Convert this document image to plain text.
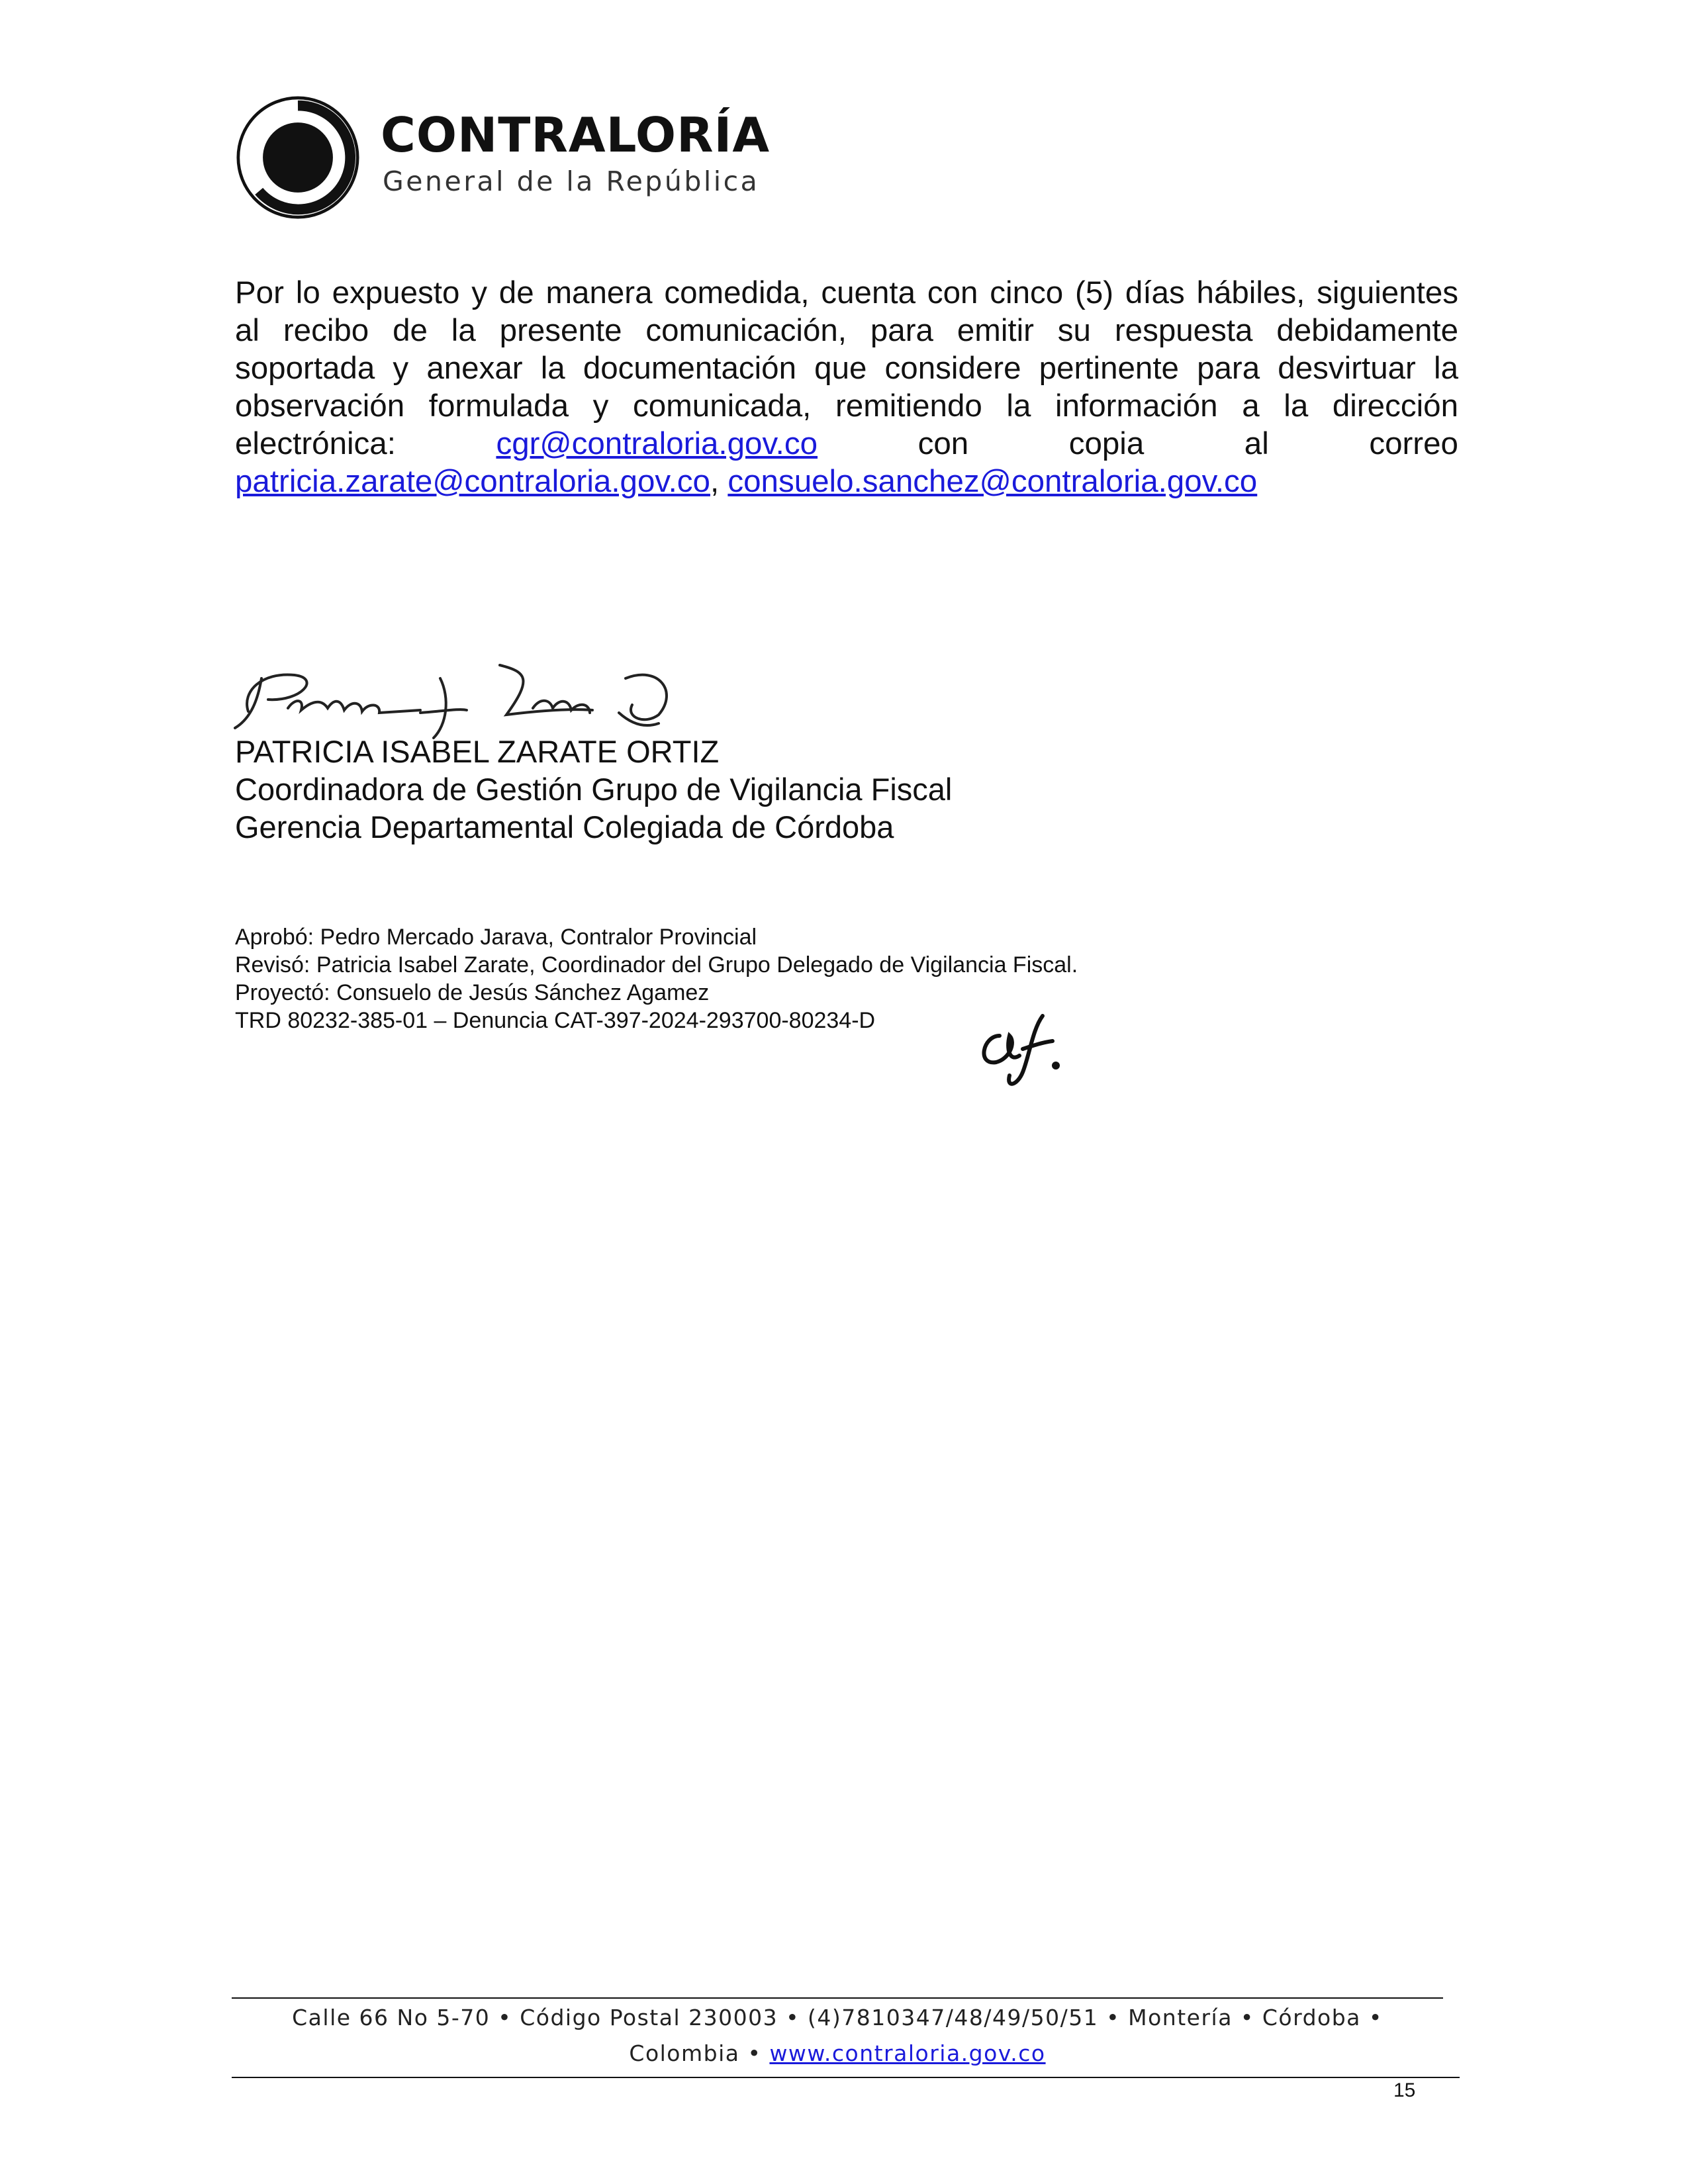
CONTRALORÍA
General de la República
Por lo expuesto y de manera comedida, cuenta con cinco (5) días hábiles, siguientes
al recibo de la presente comunicación, para emitir su respuesta debidamente
soportada y anexar la documentación que considere pertinente para desvirtuar la
observación formulada y comunicada, remitiendo la información a la dirección
electrónica:	cgr@contraloria.gov.co	con	copia	al	correo
patricia.zarate@contraloria.gov.co, consuelo.sanchez@contraloria.gov.co
PATRICIA ISABEL ZARATE ORTIZ
Coordinadora de Gestión Grupo de Vigilancia Fiscal
Gerencia Departamental Colegiada de Córdoba
Aprobó: Pedro Mercado Jarava, Contralor Provincial
Revisó: Patricia Isabel Zarate, Coordinador del Grupo Delegado de Vigilancia Fiscal.
Proyectó: Consuelo de Jesús Sánchez Agamez
TRD 80232-385-01 – Denuncia CAT-397-2024-293700-80234-D
Calle 66 No 5-70 • Código Postal 230003 • (4)7810347/48/49/50/51 • Montería • Córdoba •
Colombia • www.contraloria.gov.co
15
